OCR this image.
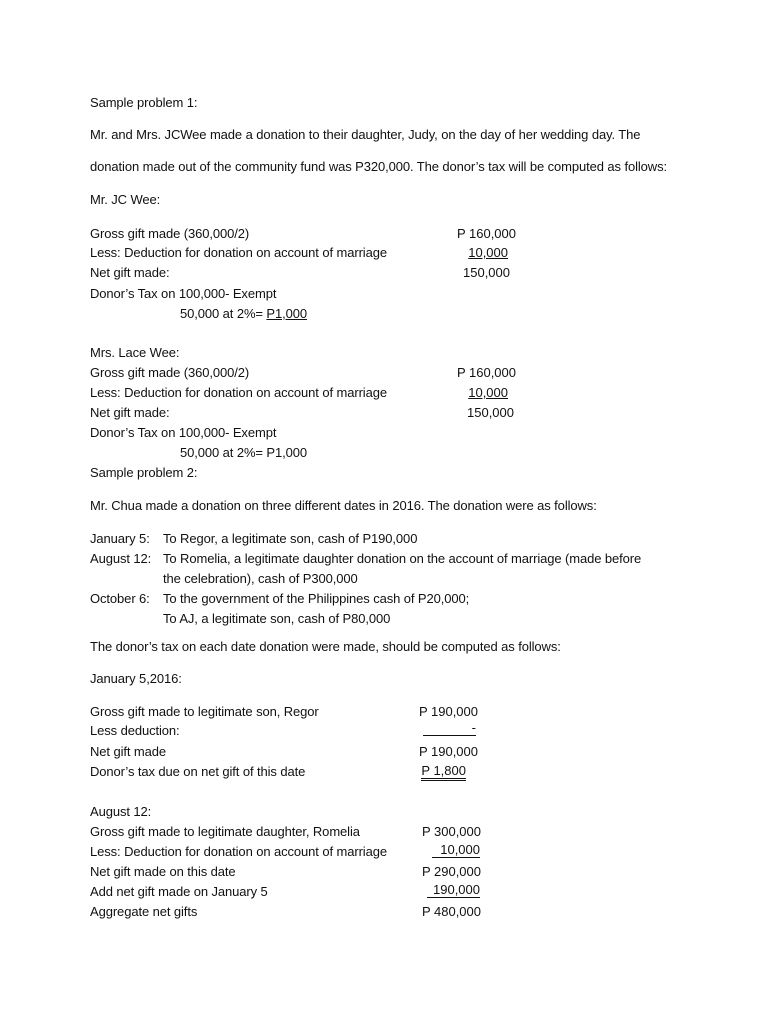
Sample problem 1:
Mr. and Mrs. JCWee made a donation to their daughter, Judy, on the day of her wedding day. The
donation made out of the community fund was P320,000. The donor’s tax will be computed as follows:
Mr. JC Wee:
Gross gift made (360,000/2)	P 160,000
Less: Deduction for donation on account of marriage	10,000
Net gift made:	150,000
Donor’s Tax on 100,000- Exempt
50,000 at 2%= P1,000
Mrs. Lace Wee:
Gross gift made (360,000/2)	P 160,000
Less: Deduction for donation on account of marriage	10,000
Net gift made:	150,000
Donor’s Tax on 100,000- Exempt
50,000 at 2%= P1,000
Sample problem 2:
Mr. Chua made a donation on three different dates in 2016. The donation were as follows:
January 5: To Regor, a legitimate son, cash of P190,000
August 12: To Romelia, a legitimate daughter donation on the account of marriage (made before
the celebration), cash of P300,000
October 6: To the government of the Philippines cash of P20,000;
To AJ, a legitimate son, cash of P80,000
The donor’s tax on each date donation were made, should be computed as follows:
January 5,2016:
Gross gift made to legitimate son, Regor	P 190,000
Less deduction:	-
Net gift made	P 190,000
Donor’s tax due on net gift of this date	P 1,800
August 12:
Gross gift made to legitimate daughter, Romelia	P 300,000
Less: Deduction for donation on account of marriage	10,000
Net gift made on this date	P 290,000
Add net gift made on January 5	190,000
Aggregate net gifts	P 480,000
